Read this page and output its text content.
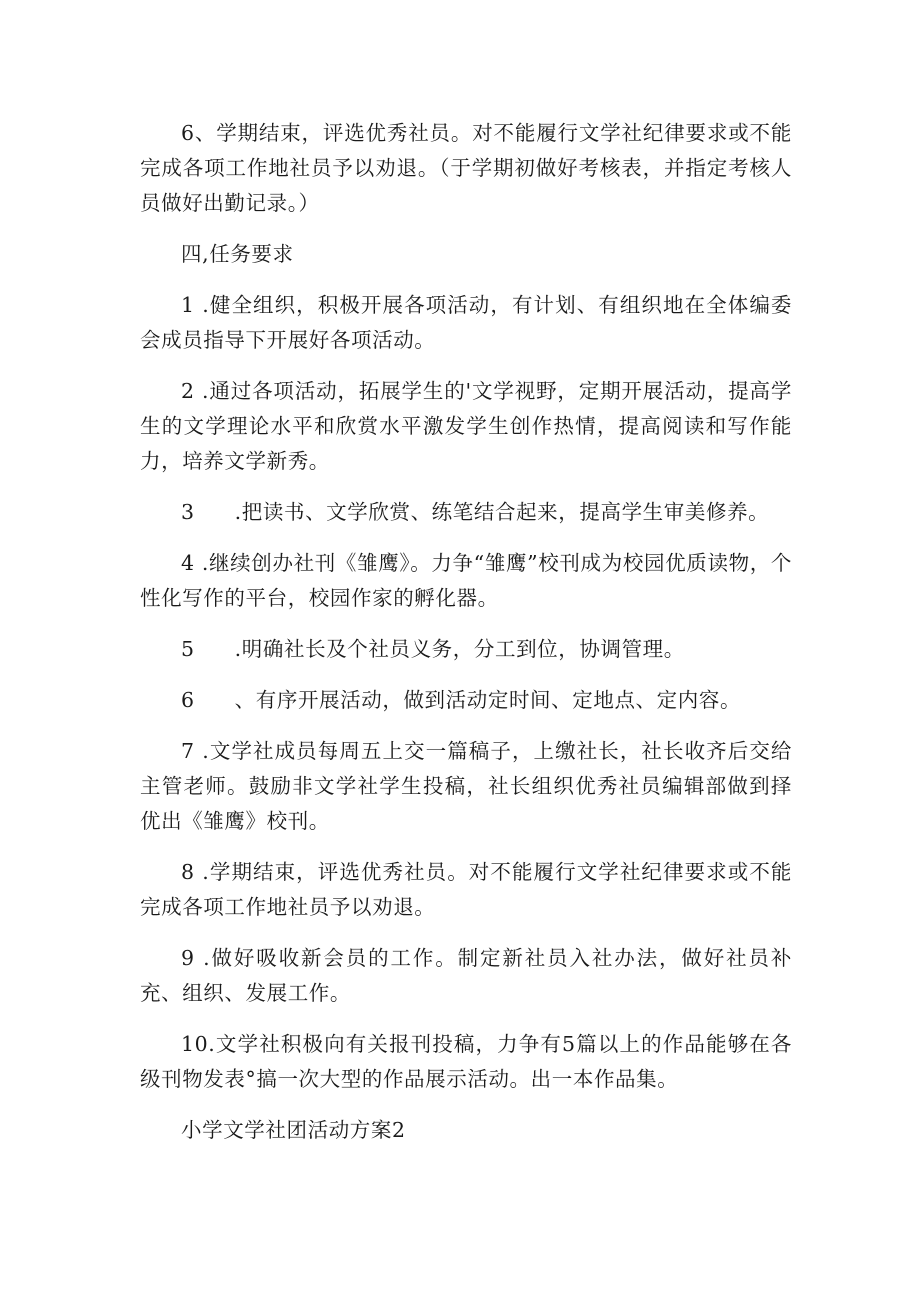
6、学期结束，评选优秀社员。对不能履行文学社纪律要求或不能完成各项工作地社员予以劝退。（于学期初做好考核表，并指定考核人员做好出勤记录。）

四,任务要求

1 .健全组织，积极开展各项活动，有计划、有组织地在全体编委会成员指导下开展好各项活动。

2 .通过各项活动，拓展学生的'文学视野，定期开展活动，提高学生的文学理论水平和欣赏水平激发学生创作热情，提高阅读和写作能力，培养文学新秀。

3 .把读书、文学欣赏、练笔结合起来，提高学生审美修养。

4 .继续创办社刊《雏鹰》。力争“雏鹰”校刊成为校园优质读物，个性化写作的平台，校园作家的孵化器。

5 .明确社长及个社员义务，分工到位，协调管理。

6 、有序开展活动，做到活动定时间、定地点、定内容。

7 .文学社成员每周五上交一篇稿子，上缴社长，社长收齐后交给主管老师。鼓励非文学社学生投稿，社长组织优秀社员编辑部做到择优出《雏鹰》校刊。

8 .学期结束，评选优秀社员。对不能履行文学社纪律要求或不能完成各项工作地社员予以劝退。

9 .做好吸收新会员的工作。制定新社员入社办法，做好社员补充、组织、发展工作。

10.文学社积极向有关报刊投稿，力争有5篇以上的作品能够在各级刊物发表°搞一次大型的作品展示活动。出一本作品集。

小学文学社团活动方案2
